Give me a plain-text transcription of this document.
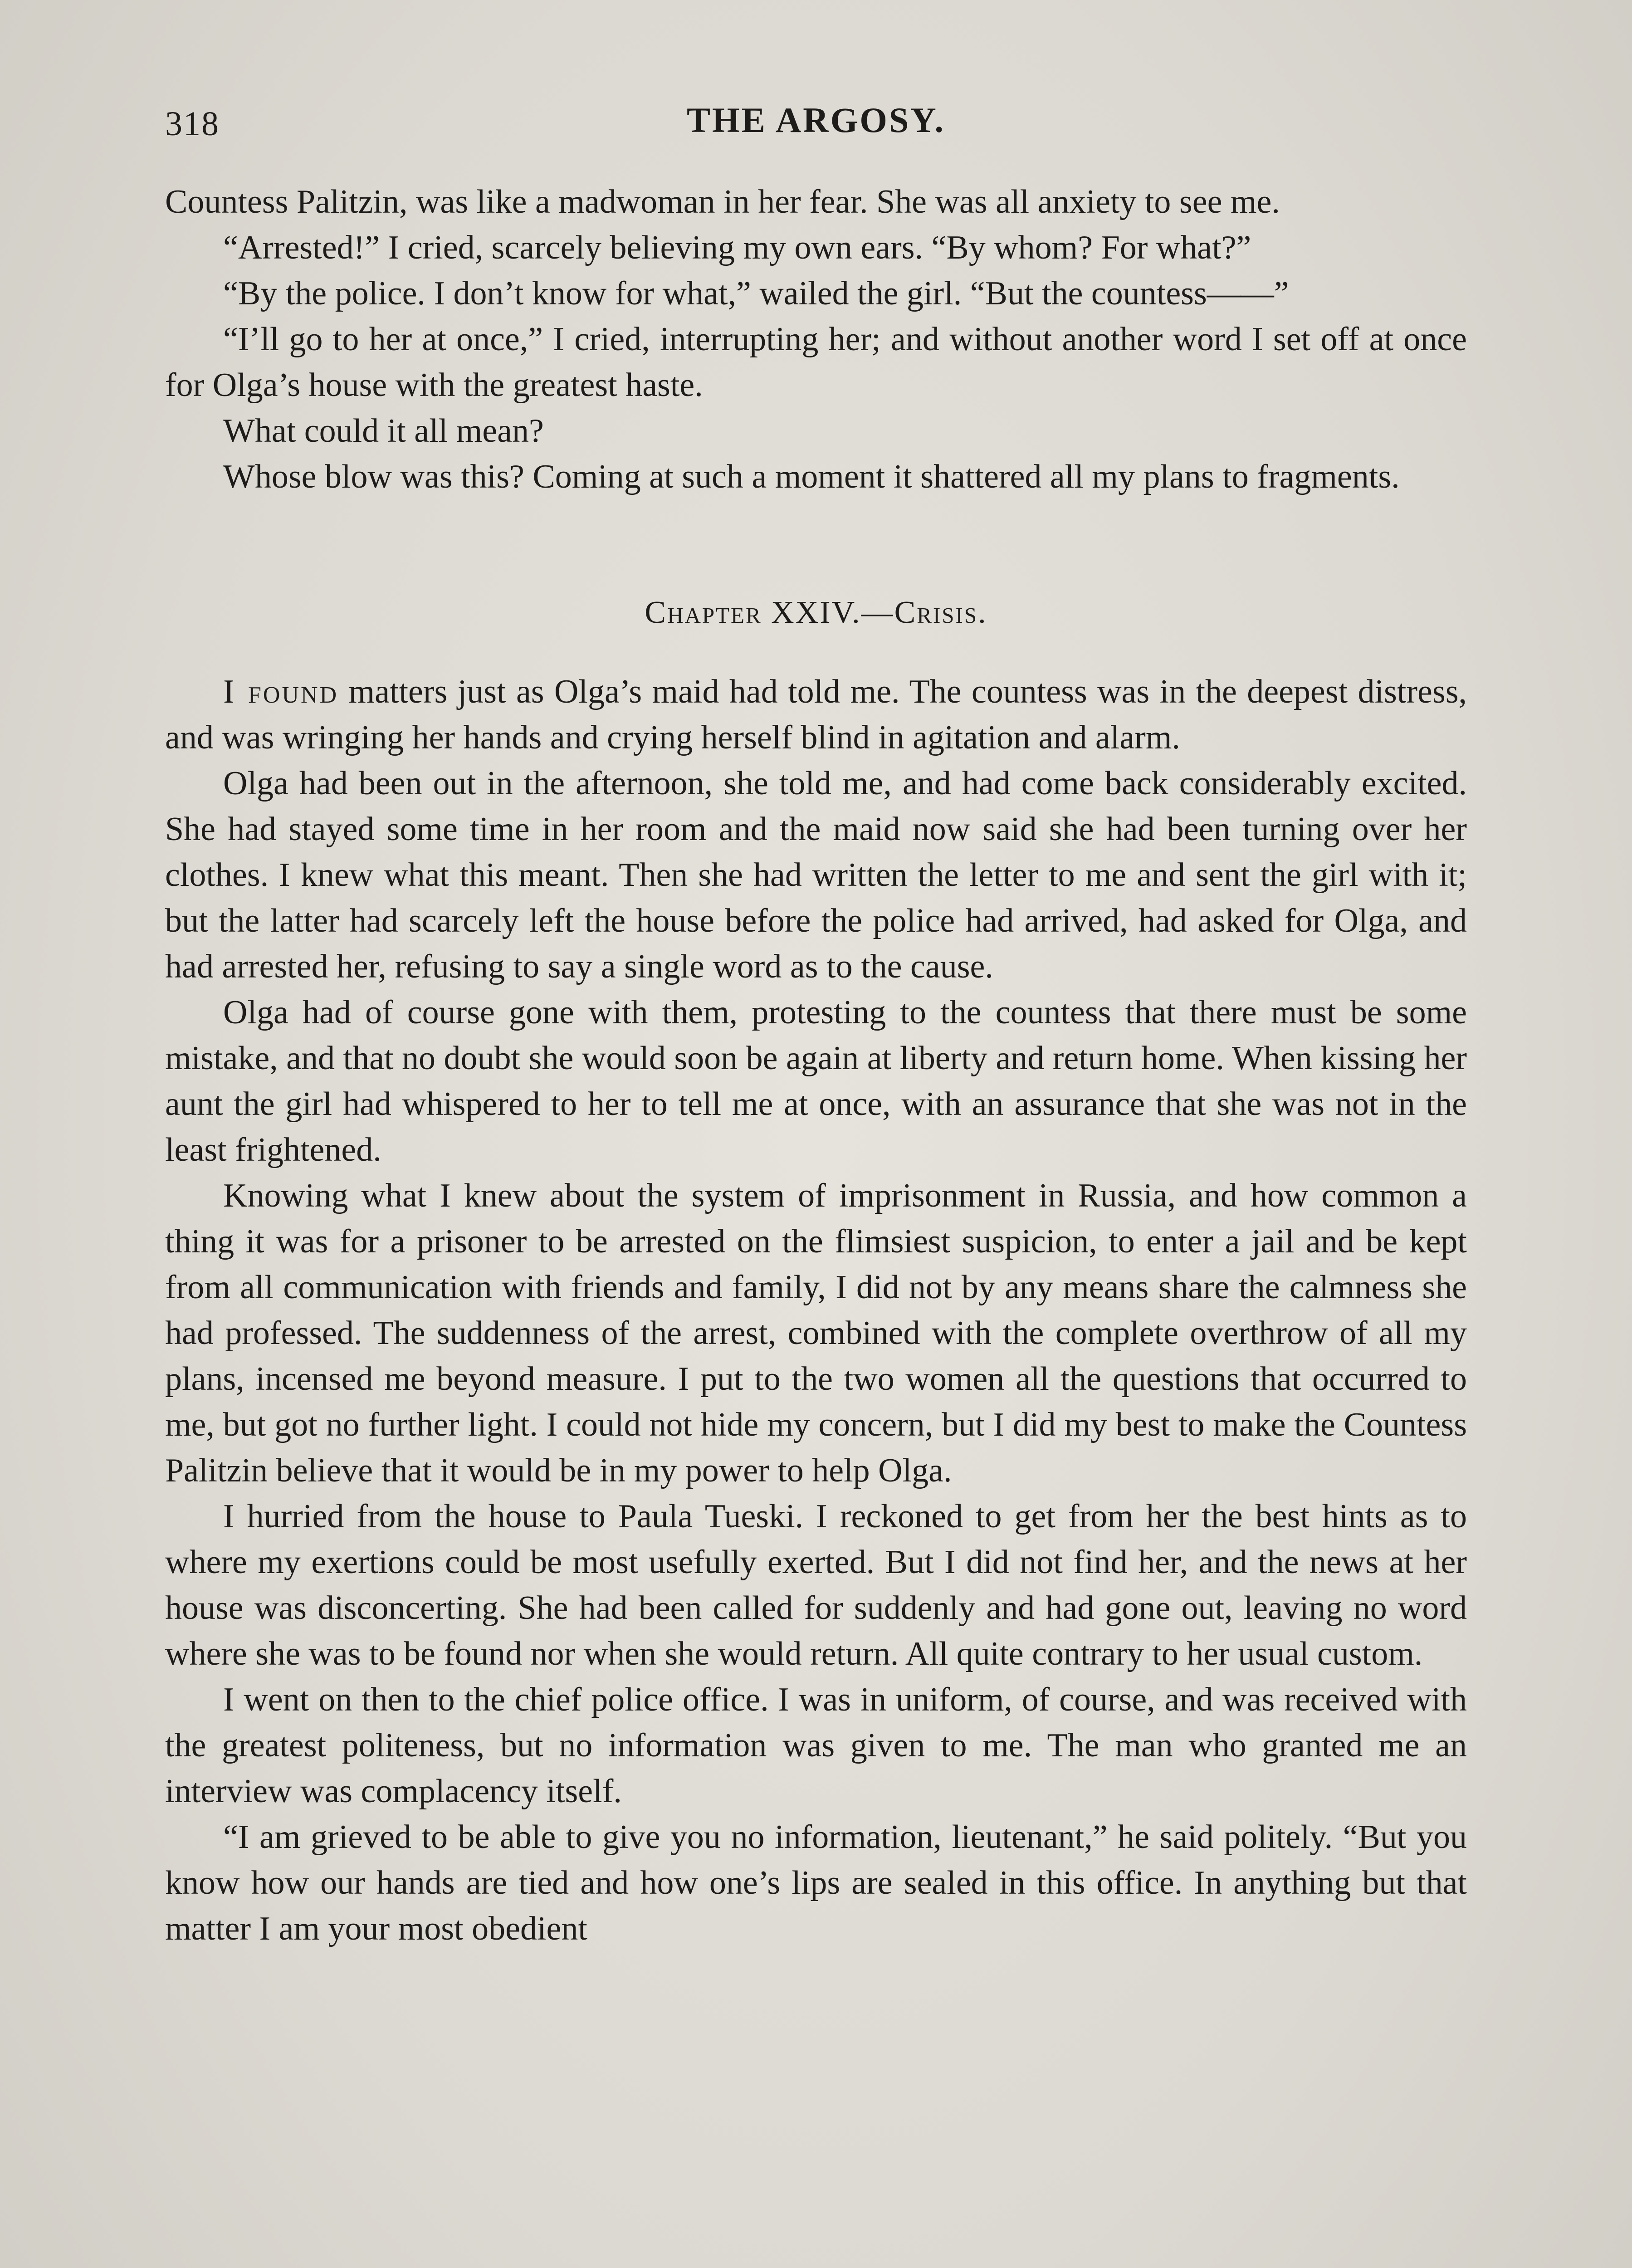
318	THE ARGOSY.

Countess Palitzin, was like a madwoman in her fear. She was all anxiety to see me.

“Arrested!” I cried, scarcely believing my own ears. “By whom? For what?”

“By the police. I don’t know for what,” wailed the girl. “But the countess——”

“I’ll go to her at once,” I cried, interrupting her; and without another word I set off at once for Olga’s house with the greatest haste.

What could it all mean?

Whose blow was this? Coming at such a moment it shattered all my plans to fragments.

Chapter XXIV.—Crisis.

I found matters just as Olga’s maid had told me. The countess was in the deepest distress, and was wringing her hands and crying herself blind in agitation and alarm.

Olga had been out in the afternoon, she told me, and had come back considerably excited. She had stayed some time in her room and the maid now said she had been turning over her clothes. I knew what this meant. Then she had written the letter to me and sent the girl with it; but the latter had scarcely left the house before the police had arrived, had asked for Olga, and had arrested her, refusing to say a single word as to the cause.

Olga had of course gone with them, protesting to the countess that there must be some mistake, and that no doubt she would soon be again at liberty and return home. When kissing her aunt the girl had whispered to her to tell me at once, with an assurance that she was not in the least frightened.

Knowing what I knew about the system of imprisonment in Russia, and how common a thing it was for a prisoner to be arrested on the flimsiest suspicion, to enter a jail and be kept from all communication with friends and family, I did not by any means share the calmness she had professed. The suddenness of the arrest, combined with the complete overthrow of all my plans, incensed me beyond measure. I put to the two women all the questions that occurred to me, but got no further light. I could not hide my concern, but I did my best to make the Countess Palitzin believe that it would be in my power to help Olga.

I hurried from the house to Paula Tueski. I reckoned to get from her the best hints as to where my exertions could be most usefully exerted. But I did not find her, and the news at her house was disconcerting. She had been called for suddenly and had gone out, leaving no word where she was to be found nor when she would return. All quite contrary to her usual custom.

I went on then to the chief police office. I was in uniform, of course, and was received with the greatest politeness, but no information was given to me. The man who granted me an interview was complacency itself.

“I am grieved to be able to give you no information, lieutenant,” he said politely. “But you know how our hands are tied and how one’s lips are sealed in this office. In anything but that matter I am your most obedient
